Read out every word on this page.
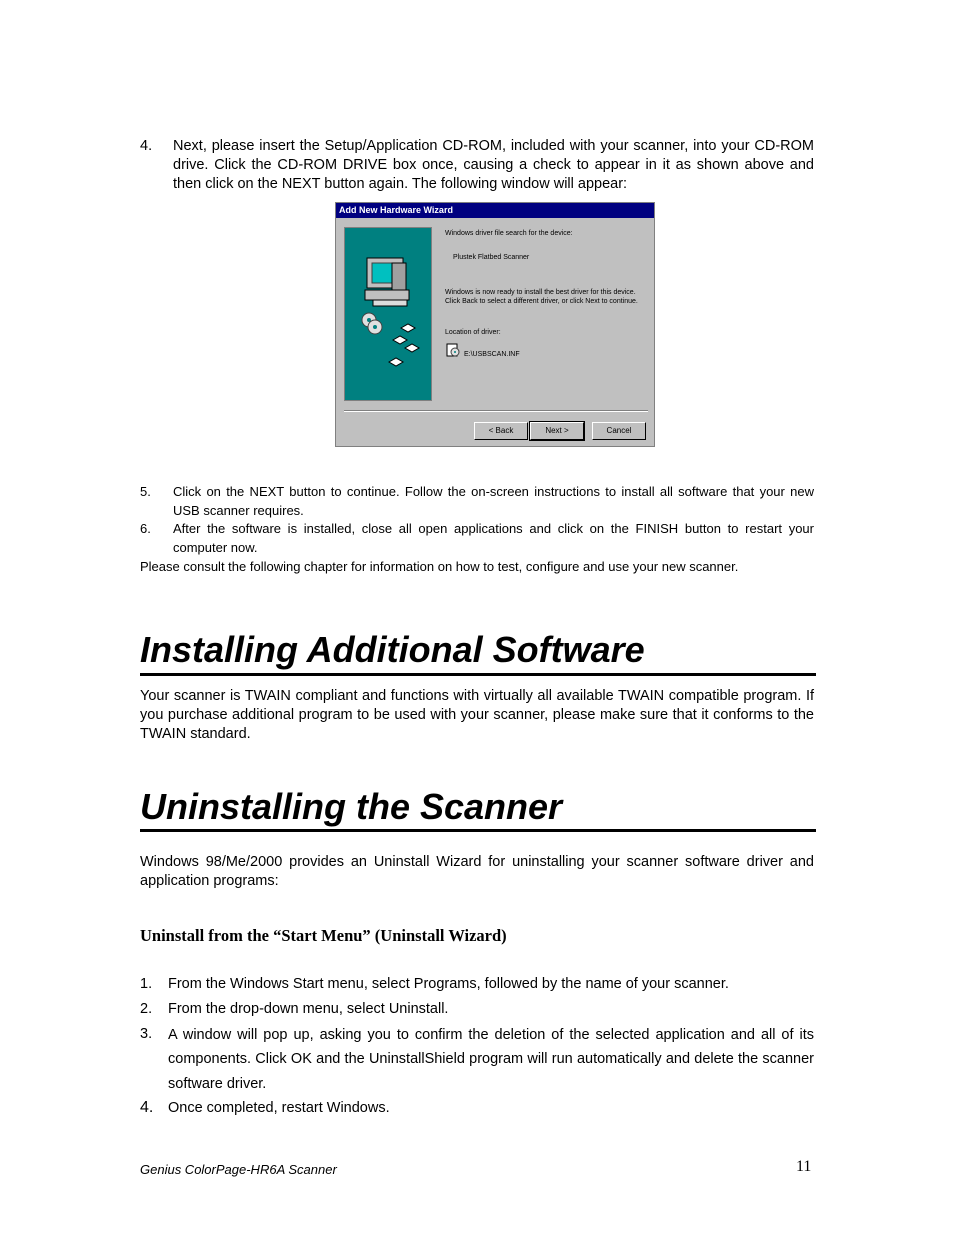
4. Next, please insert the Setup/Application CD-ROM, included with your scanner, into your CD-ROM drive. Click the CD-ROM DRIVE box once, causing a check to appear in it as shown above and then click on the NEXT button again. The following window will appear:
Add New Hardware Wizard
Windows driver file search for the device:
Plustek Flatbed Scanner
Windows is now ready to install the best driver for this device.
Click Back to select a different driver, or click Next to continue.
Location of driver:
E:\USBSCAN.INF
< Back	Next >	Cancel
5. Click on the NEXT button to continue. Follow the on-screen instructions to install all software that your new USB scanner requires.
6. After the software is installed, close all open applications and click on the FINISH button to restart your computer now.
Please consult the following chapter for information on how to test, configure and use your new scanner.
Installing Additional Software
Your scanner is TWAIN compliant and functions with virtually all available TWAIN compatible program. If you purchase additional program to be used with your scanner, please make sure that it conforms to the TWAIN standard.
Uninstalling the Scanner
Windows 98/Me/2000 provides an Uninstall Wizard for uninstalling your scanner software driver and application programs:
Uninstall from the “Start Menu” (Uninstall Wizard)
1. From the Windows Start menu, select Programs, followed by the name of your scanner.
2. From the drop-down menu, select Uninstall.
3. A window will pop up, asking you to confirm the deletion of the selected application and all of its components. Click OK and the UninstallShield program will run automatically and delete the scanner software driver.
4. Once completed, restart Windows.
Genius ColorPage-HR6A Scanner	11
